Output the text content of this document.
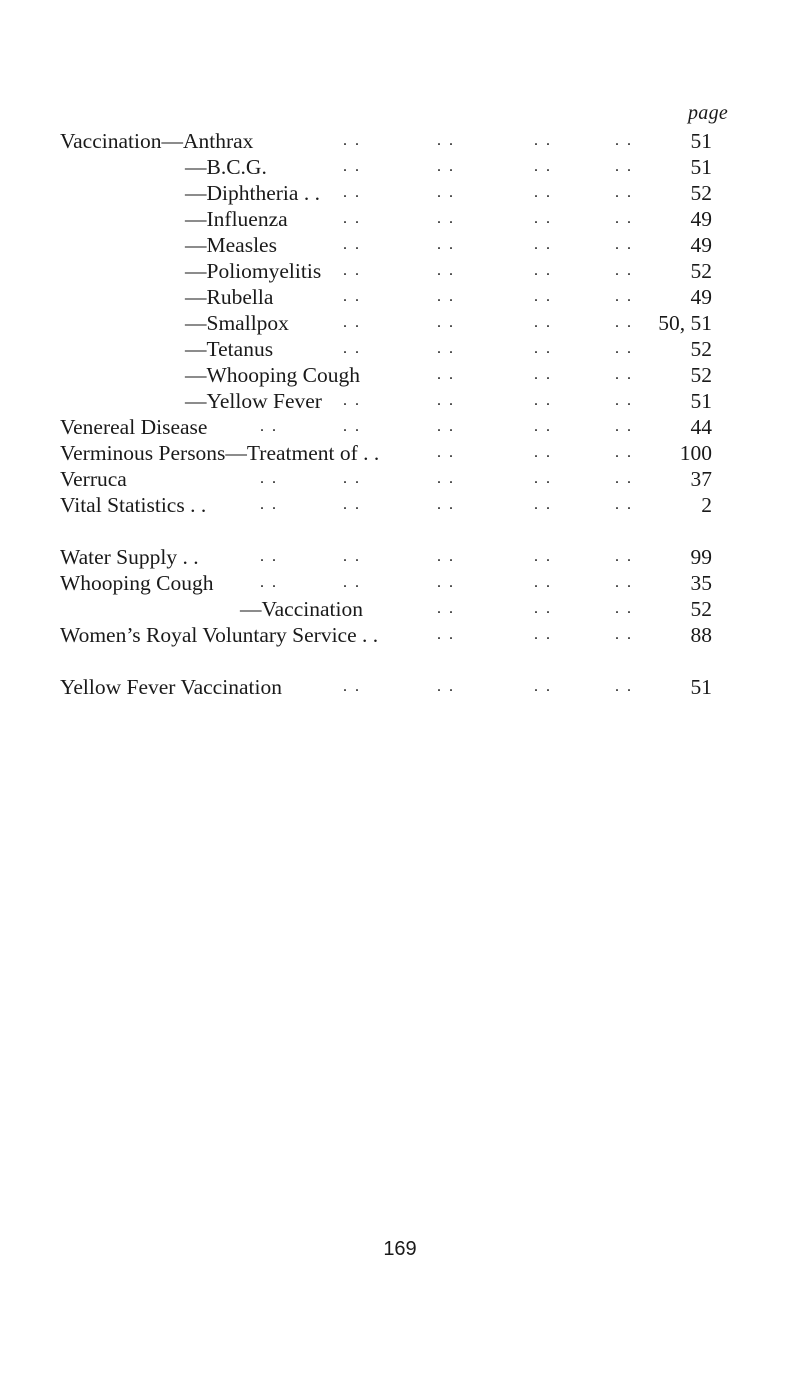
page
Vaccination—Anthrax	. .	. .	. .	. .	51
—B.C.G.	. .	. .	. .	. .	51
—Diphtheria . . . .	. .	. .	. .	52
—Influenza	. .	. .	. .	. .	49
—Measles	. .	. .	. .	. .	49
—Poliomyelitis . .	. .	. .	. .	52
—Rubella	. .	. .	. .	. .	49
—Smallpox	. .	. .	. .	. . 50, 51
—Tetanus	. .	. .	. .	. .	52
—Whooping Cough	. .	. .	. .	52
—Yellow Fever . .	. .	. .	. .	51
Venereal Disease	. .	. .	. .	. .	. .	44
Verminous Persons—Treatment of . .	. .	. .	. . 100
Verruca	. .	. .	. .	. .	. .	37
Vital Statistics . .	. .	. .	. .	. .	. .	2
Water Supply . .	. .	. .	. .	. .	. .	99
Whooping Cough	. .	. .	. .	. .	. .	35
—Vaccination	. .	. .	. .	52
Women’s Royal Voluntary Service . .	. .	. .	. .	88
Yellow Fever Vaccination	. .	. .	. .	. .	51
169
